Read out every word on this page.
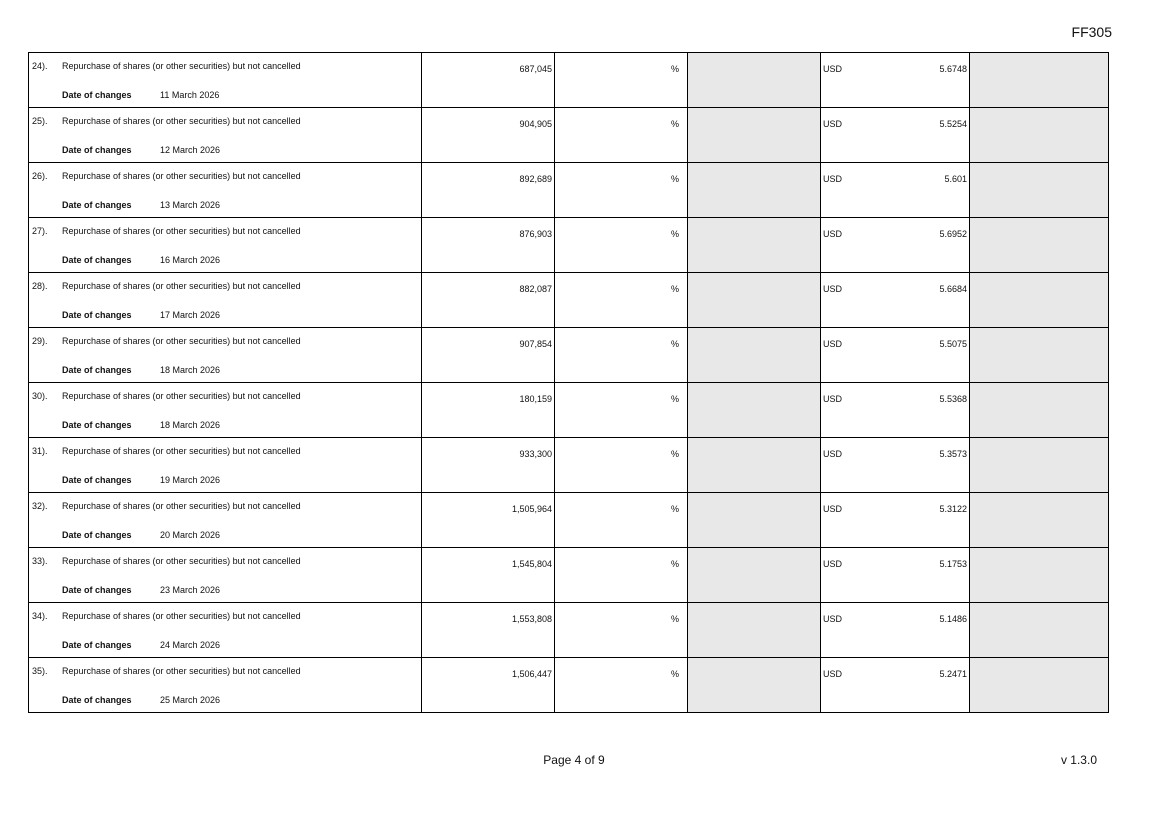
FF305
24). Repurchase of shares (or other securities) but not cancelled
Date of changes 11 March 2026	687,045	%		USD 5.6748	

25). Repurchase of shares (or other securities) but not cancelled
Date of changes 12 March 2026	904,905	%		USD 5.5254	

26). Repurchase of shares (or other securities) but not cancelled
Date of changes 13 March 2026	892,689	%		USD 5.601	

27). Repurchase of shares (or other securities) but not cancelled
Date of changes 16 March 2026	876,903	%		USD 5.6952	

28). Repurchase of shares (or other securities) but not cancelled
Date of changes 17 March 2026	882,087	%		USD 5.6684	

29). Repurchase of shares (or other securities) but not cancelled
Date of changes 18 March 2026	907,854	%		USD 5.5075	

30). Repurchase of shares (or other securities) but not cancelled
Date of changes 18 March 2026	180,159	%		USD 5.5368	

31). Repurchase of shares (or other securities) but not cancelled
Date of changes 19 March 2026	933,300	%		USD 5.3573	

32). Repurchase of shares (or other securities) but not cancelled
Date of changes 20 March 2026	1,505,964	%		USD 5.3122	

33). Repurchase of shares (or other securities) but not cancelled
Date of changes 23 March 2026	1,545,804	%		USD 5.1753	

34). Repurchase of shares (or other securities) but not cancelled
Date of changes 24 March 2026	1,553,808	%		USD 5.1486	

35). Repurchase of shares (or other securities) but not cancelled
Date of changes 25 March 2026	1,506,447	%		USD 5.2471	

Page 4 of 9	v 1.3.0
